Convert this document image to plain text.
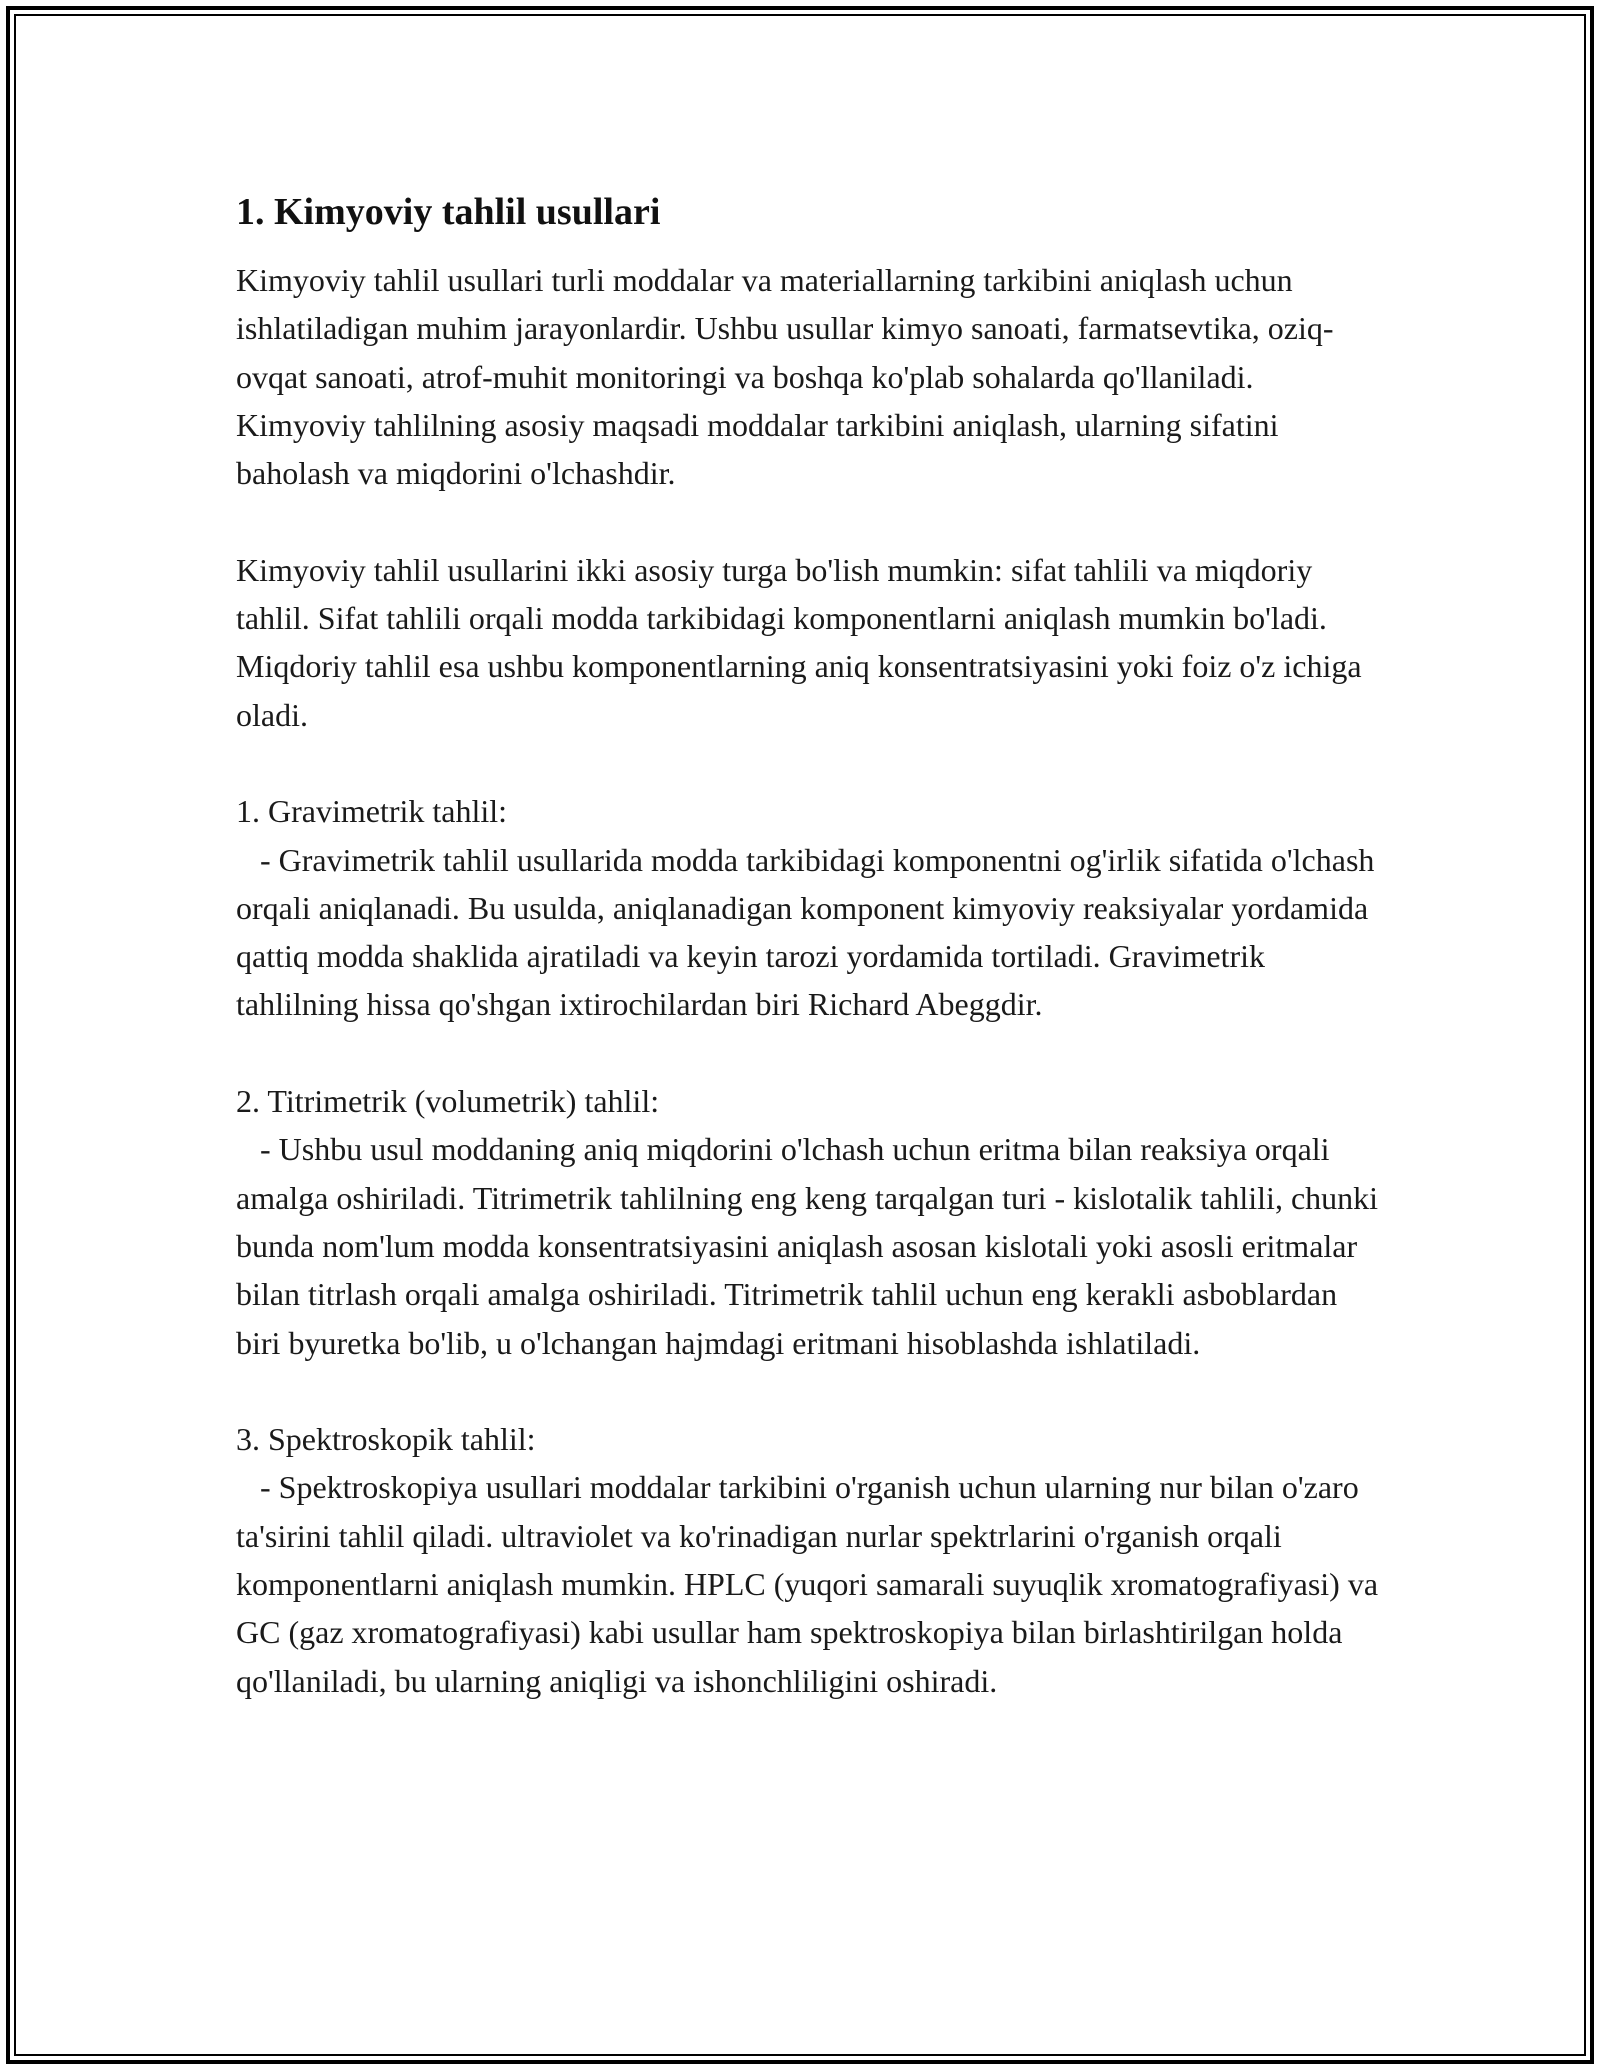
1. Kimyoviy tahlil usullari

Kimyoviy tahlil usullari turli moddalar va materiallarning tarkibini aniqlash uchun ishlatiladigan muhim jarayonlardir. Ushbu usullar kimyo sanoati, farmatsevtika, oziq-ovqat sanoati, atrof-muhit monitoringi va boshqa ko'plab sohalarda qo'llaniladi. Kimyoviy tahlilning asosiy maqsadi moddalar tarkibini aniqlash, ularning sifatini baholash va miqdorini o'lchashdir.

Kimyoviy tahlil usullarini ikki asosiy turga bo'lish mumkin: sifat tahlili va miqdoriy tahlil. Sifat tahlili orqali modda tarkibidagi komponentlarni aniqlash mumkin bo'ladi. Miqdoriy tahlil esa ushbu komponentlarning aniq konsentratsiyasini yoki foiz o'z ichiga oladi.

1. Gravimetrik tahlil:
- Gravimetrik tahlil usullarida modda tarkibidagi komponentni og'irlik sifatida o'lchash orqali aniqlanadi. Bu usulda, aniqlanadigan komponent kimyoviy reaksiyalar yordamida qattiq modda shaklida ajratiladi va keyin tarozi yordamida tortiladi. Gravimetrik tahlilning hissa qo'shgan ixtirochilardan biri Richard Abeggdir.
2. Titrimetrik (volumetrik) tahlil:
- Ushbu usul moddaning aniq miqdorini o'lchash uchun eritma bilan reaksiya orqali amalga oshiriladi. Titrimetrik tahlilning eng keng tarqalgan turi - kislotalik tahlili, chunki bunda nom'lum modda konsentratsiyasini aniqlash asosan kislotali yoki asosli eritmalar bilan titrlash orqali amalga oshiriladi. Titrimetrik tahlil uchun eng kerakli asboblardan biri byuretka bo'lib, u o'lchangan hajmdagi eritmani hisoblashda ishlatiladi.
3. Spektroskopik tahlil:
- Spektroskopiya usullari moddalar tarkibini o'rganish uchun ularning nur bilan o'zaro ta'sirini tahlil qiladi. ultraviolet va ko'rinadigan nurlar spektrlarini o'rganish orqali komponentlarni aniqlash mumkin. HPLC (yuqori samarali suyuqlik xromatografiyasi) va GC (gaz xromatografiyasi) kabi usullar ham spektroskopiya bilan birlashtirilgan holda qo'llaniladi, bu ularning aniqligi va ishonchliligini oshiradi.
